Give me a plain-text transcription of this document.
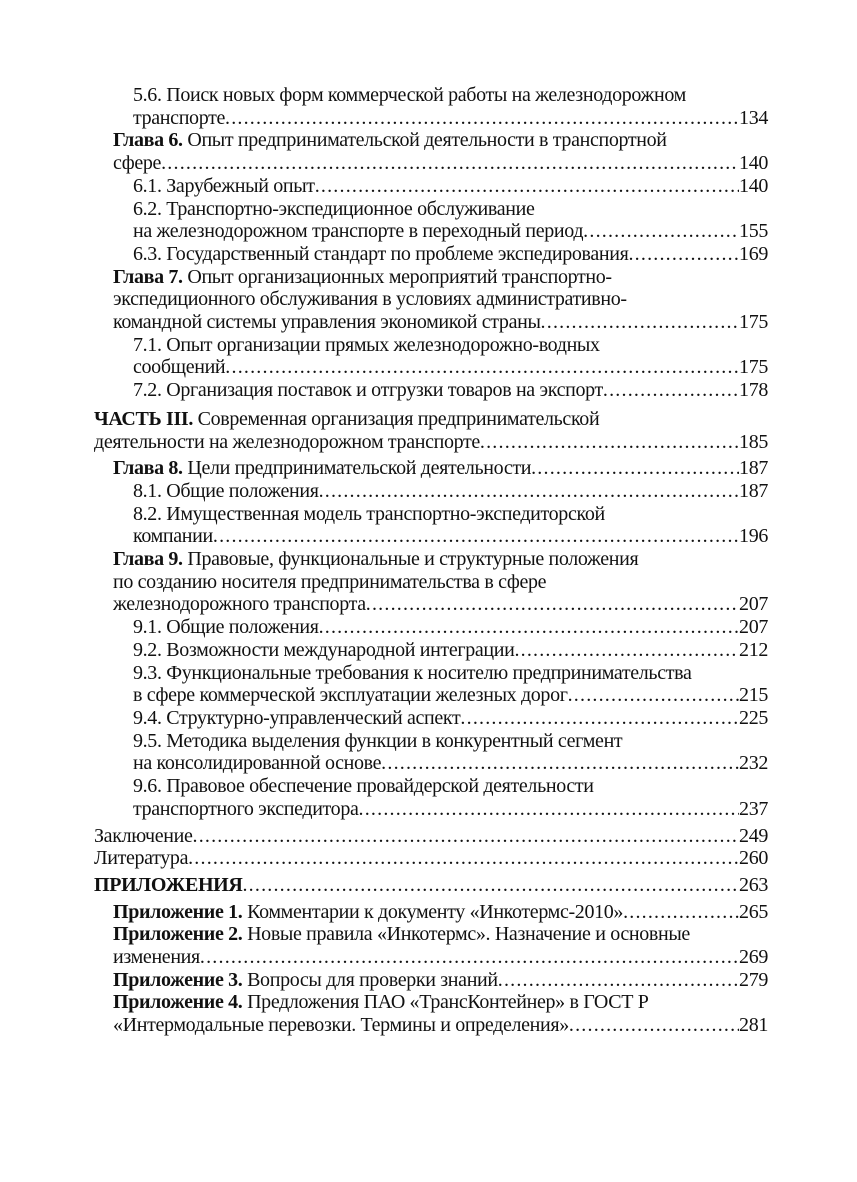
5.6. Поиск новых форм коммерческой работы на железнодорожном
транспорте .....	134
Глава 6. Опыт предпринимательской деятельности в транспортной
сфере .....	140
6.1. Зарубежный опыт .....	140
6.2. Транспортно-экспедиционное обслуживание
на железнодорожном транспорте в переходный период .....	155
6.3. Государственный стандарт по проблеме экспедирования .....	169
Глава 7. Опыт организационных мероприятий транспортно-
экспедиционного обслуживания в условиях административно-
командной системы управления экономикой страны .....	175
7.1. Опыт организации прямых железнодорожно-водных
сообщений .....	175
7.2. Организация поставок и отгрузки товаров на экспорт .....	178
ЧАСТЬ III. Современная организация предпринимательской
деятельности на железнодорожном транспорте .....	185
Глава 8. Цели предпринимательской деятельности .....	187
8.1. Общие положения .....	187
8.2. Имущественная модель транспортно-экспедиторской
компании .....	196
Глава 9. Правовые, функциональные и структурные положения
по созданию носителя предпринимательства в сфере
железнодорожного транспорта .....	207
9.1. Общие положения .....	207
9.2. Возможности международной интеграции .....	212
9.3. Функциональные требования к носителю предпринимательства
в сфере коммерческой эксплуатации железных дорог .....	215
9.4. Структурно-управленческий аспект .....	225
9.5. Методика выделения функции в конкурентный сегмент
на консолидированной основе .....	232
9.6. Правовое обеспечение провайдерской деятельности
транспортного экспедитора .....	237
Заключение .....	249
Литература .....	260
ПРИЛОЖЕНИЯ .....	263
Приложение 1. Комментарии к документу «Инкотермс-2010» .....	265
Приложение 2. Новые правила «Инкотермс». Назначение и основные
изменения .....	269
Приложение 3. Вопросы для проверки знаний .....	279
Приложение 4. Предложения ПАО «ТрансКонтейнер» в ГОСТ Р
«Интермодальные перевозки. Термины и определения» .....	281
